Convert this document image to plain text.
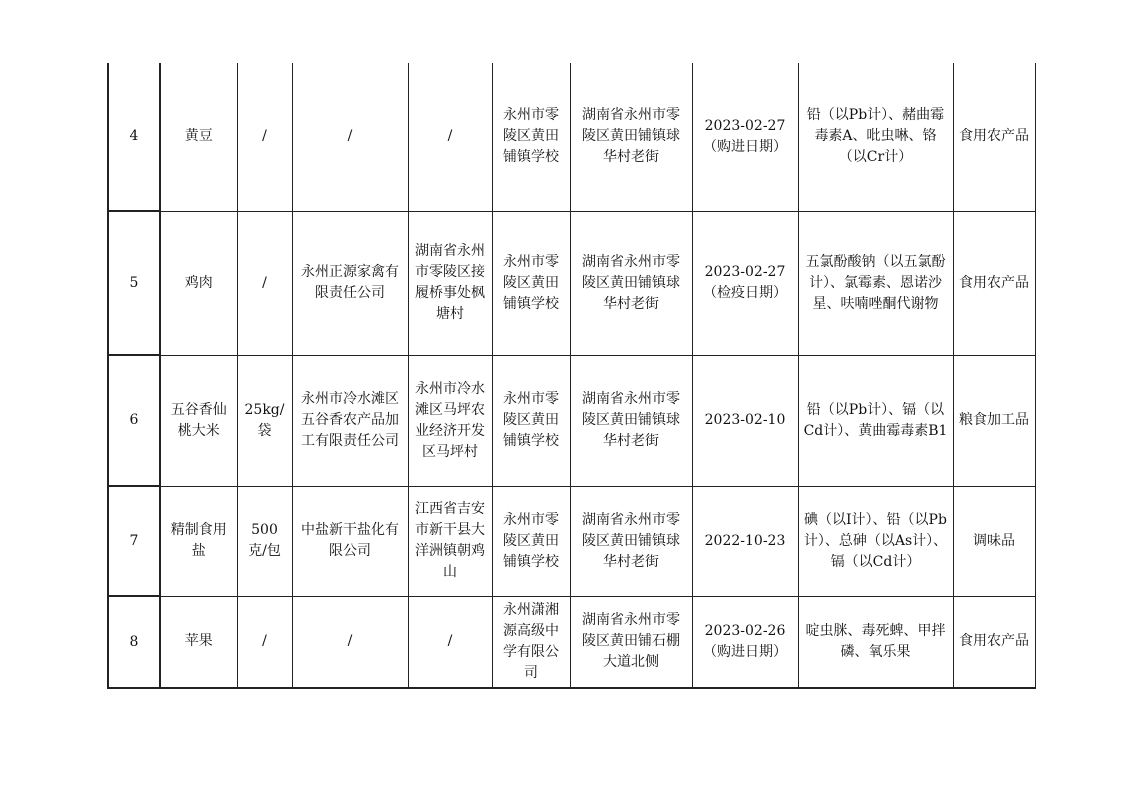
4	黄豆	/	/	/	永州市零陵区黄田铺镇学校	湖南省永州市零陵区黄田铺镇球华村老街	2023-02-27（购进日期）	铅（以Pb计）、赭曲霉毒素A、吡虫啉、铬（以Cr计）	食用农产品
5	鸡肉	/	永州正源家禽有限责任公司	湖南省永州市零陵区接履桥事处枫塘村	永州市零陵区黄田铺镇学校	湖南省永州市零陵区黄田铺镇球华村老街	2023-02-27（检疫日期）	五氯酚酸钠（以五氯酚计）、氯霉素、恩诺沙星、呋喃唑酮代谢物	食用农产品
6	五谷香仙桃大米	25kg/袋	永州市冷水滩区五谷香农产品加工有限责任公司	永州市冷水滩区马坪农业经济开发区马坪村	永州市零陵区黄田铺镇学校	湖南省永州市零陵区黄田铺镇球华村老街	2023-02-10	铅（以Pb计）、镉（以Cd计）、黄曲霉毒素B1	粮食加工品
7	精制食用盐	500克/包	中盐新干盐化有限公司	江西省吉安市新干县大洋洲镇朝鸡山	永州市零陵区黄田铺镇学校	湖南省永州市零陵区黄田铺镇球华村老街	2022-10-23	碘（以I计）、铅（以Pb计）、总砷（以As计）、镉（以Cd计）	调味品
8	苹果	/	/	/	永州潇湘源高级中学有限公司	湖南省永州市零陵区黄田铺石棚大道北侧	2023-02-26（购进日期）	啶虫脒、毒死蜱、甲拌磷、氧乐果	食用农产品
